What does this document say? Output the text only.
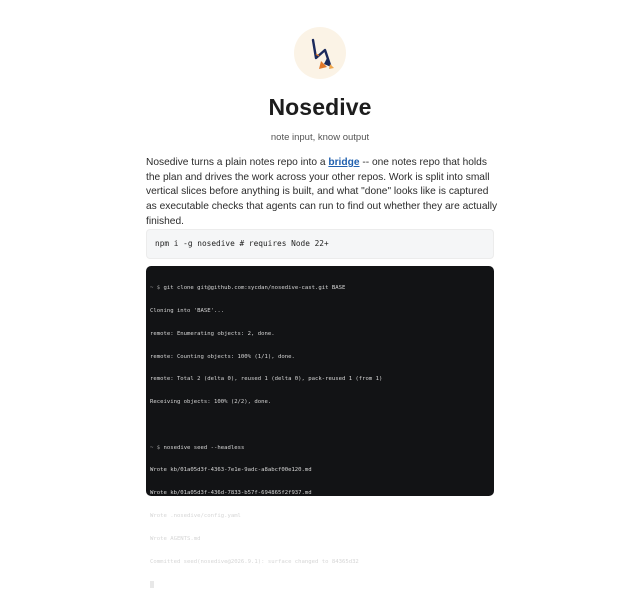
Nosedive
note input, know output

Nosedive turns a plain notes repo into a bridge -- one notes repo that holds the plan and drives the work across your other repos. Work is split into small vertical slices before anything is built, and what "done" looks like is captured as executable checks that agents can run to find out whether they are actually finished.

npm i -g nosedive # requires Node 22+

~ $ git clone git@github.com:sycdan/nosedive-cast.git BASE

Cloning into 'BASE'...

remote: Enumerating objects: 2, done.

remote: Counting objects: 100% (1/1), done.

remote: Total 2 (delta 0), reused 1 (delta 0), pack-reused 1 (from 1)

Receiving objects: 100% (2/2), done.

~ $ nosedive seed --headless

Wrote kb/01a05d3f-4363-7e1e-9adc-a8abcf00e120.md

Wrote kb/01a05d3f-436d-7833-b57f-694865f2f937.md

Wrote .nosedive/config.yaml

Wrote AGENTS.md

Committed seed(nosedive@2026.9.1): surface changed to 84365d32
